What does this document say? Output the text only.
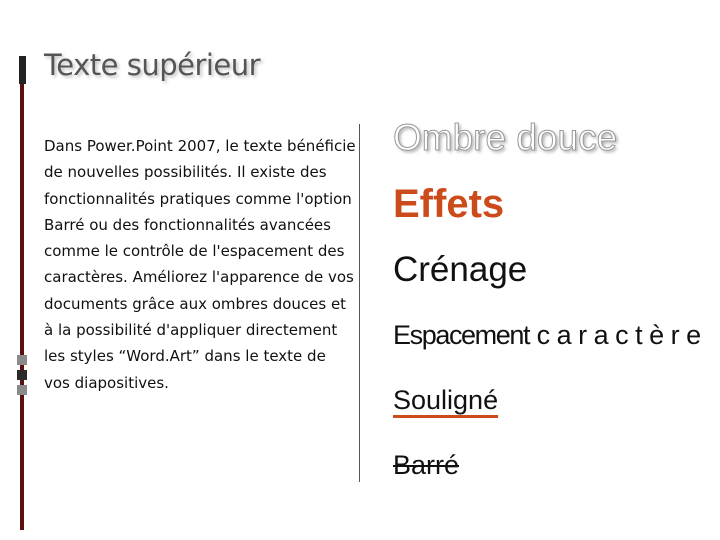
Texte supérieur

Dans Power.Point 2007, le texte bénéficie de nouvelles possibilités. Il existe des fonctionnalités pratiques comme l'option Barré ou des fonctionnalités avancées comme le contrôle de l'espacement des caractères. Améliorez l'apparence de vos documents grâce aux ombres douces et à la possibilité d'appliquer directement les styles “Word.Art” dans le texte de vos diapositives.

Ombre douce
Effets
Crénage
Espacement caractère
Souligné
Barré
